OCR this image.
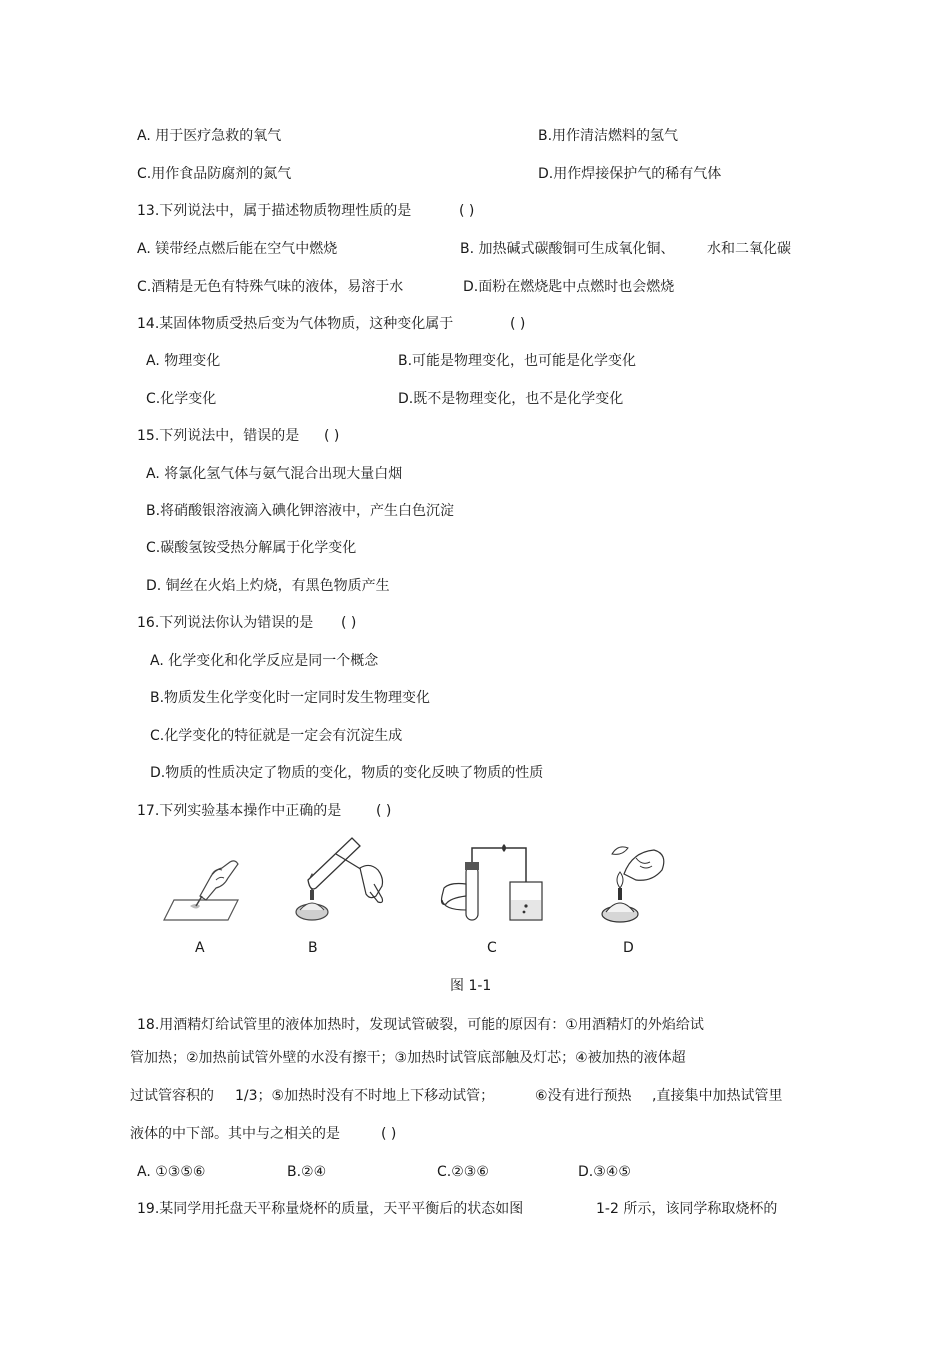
A. 用于医疗急救的氧气	B.用作清洁燃料的氢气
C.用作食品防腐剂的氮气	D.用作焊接保护气的稀有气体
13.下列说法中，属于描述物质物理性质的是	( )
A. 镁带经点燃后能在空气中燃烧	B. 加热碱式碳酸铜可生成氧化铜、 水和二氧化碳
C.酒精是无色有特殊气味的液体，易溶于水	D.面粉在燃烧匙中点燃时也会燃烧
14.某固体物质受热后变为气体物质，这种变化属于	( )
A. 物理变化	B.可能是物理变化，也可能是化学变化
C.化学变化	D.既不是物理变化，也不是化学变化
15.下列说法中，错误的是 ( )
A. 将氯化氢气体与氨气混合出现大量白烟
B.将硝酸银溶液滴入碘化钾溶液中，产生白色沉淀
C.碳酸氢铵受热分解属于化学变化
D. 铜丝在火焰上灼烧，有黑色物质产生
16.下列说法你认为错误的是 ( )
A. 化学变化和化学反应是同一个概念
B.物质发生化学变化时一定同时发生物理变化
C.化学变化的特征就是一定会有沉淀生成
D.物质的性质决定了物质的变化，物质的变化反映了物质的性质
17.下列实验基本操作中正确的是 ( )
A	B	C	D
图 1-1
18.用酒精灯给试管里的液体加热时，发现试管破裂，可能的原因有：①用酒精灯的外焰给试
管加热；②加热前试管外壁的水没有擦干；③加热时试管底部触及灯芯；④被加热的液体超
过试管容积的 1/3；⑤加热时没有不时地上下移动试管；	⑥没有进行预热 ,直接集中加热试管里
液体的中下部。其中与之相关的是	( )
A. ①③⑤⑥	B.②④	C.②③⑥	D.③④⑤
19.某同学用托盘天平称量烧杯的质量，天平平衡后的状态如图	1-2 所示，该同学称取烧杯的
